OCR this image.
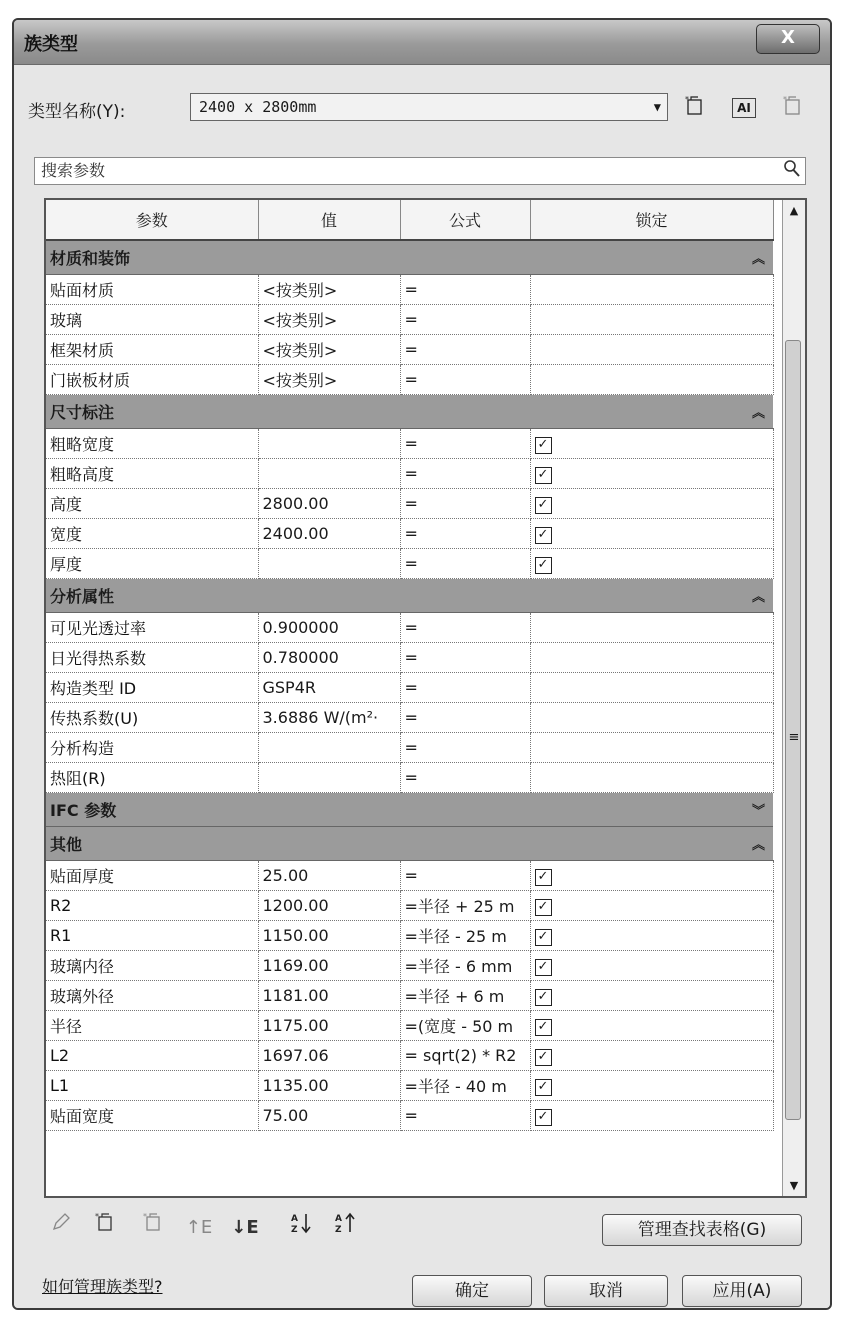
族类型	X
类型名称(Y):	2400 x 2800mm	▼
*
AI
*
搜索参数
参数	值	公式	锁定
材质和装饰 ︽			

贴面材质	<按类别>	=	
玻璃	<按类别>	=	
框架材质	<按类别>	=	
门嵌板材质	<按类别>	=	
尺寸标注 ︽			

粗略宽度		=	✓
粗略高度		=	✓
高度	2800.00	=	✓
宽度	2400.00	=	✓
厚度		=	✓
分析属性 ︽			

可见光透过率	0.900000	=	
日光得热系数	0.780000	=	
构造类型 ID	GSP4R	=	
传热系数(U)	3.6886 W/(m²·	=	
分析构造		=	
热阻(R)		=	
IFC 参数 ︾			

其他 ︽			

贴面厚度	25.00	=	✓
R2	1200.00	=半径 + 25 m	✓
R1	1150.00	=半径 - 25 m	✓
玻璃内径	1169.00	=半径 - 6 mm	✓
玻璃外径	1181.00	=半径 + 6 m	✓
半径	1175.00	=(宽度 - 50 m	✓
L2	1697.06	= sqrt(2) * R2	✓
L1	1135.00	=半径 - 40 m	✓
贴面宽度	75.00	=	✓
▲
≡
▼
*	*
↑E ↓E	A
Z
A
Z	管理查找表格(G)
如何管理族类型?	确定	取消	应用(A)
